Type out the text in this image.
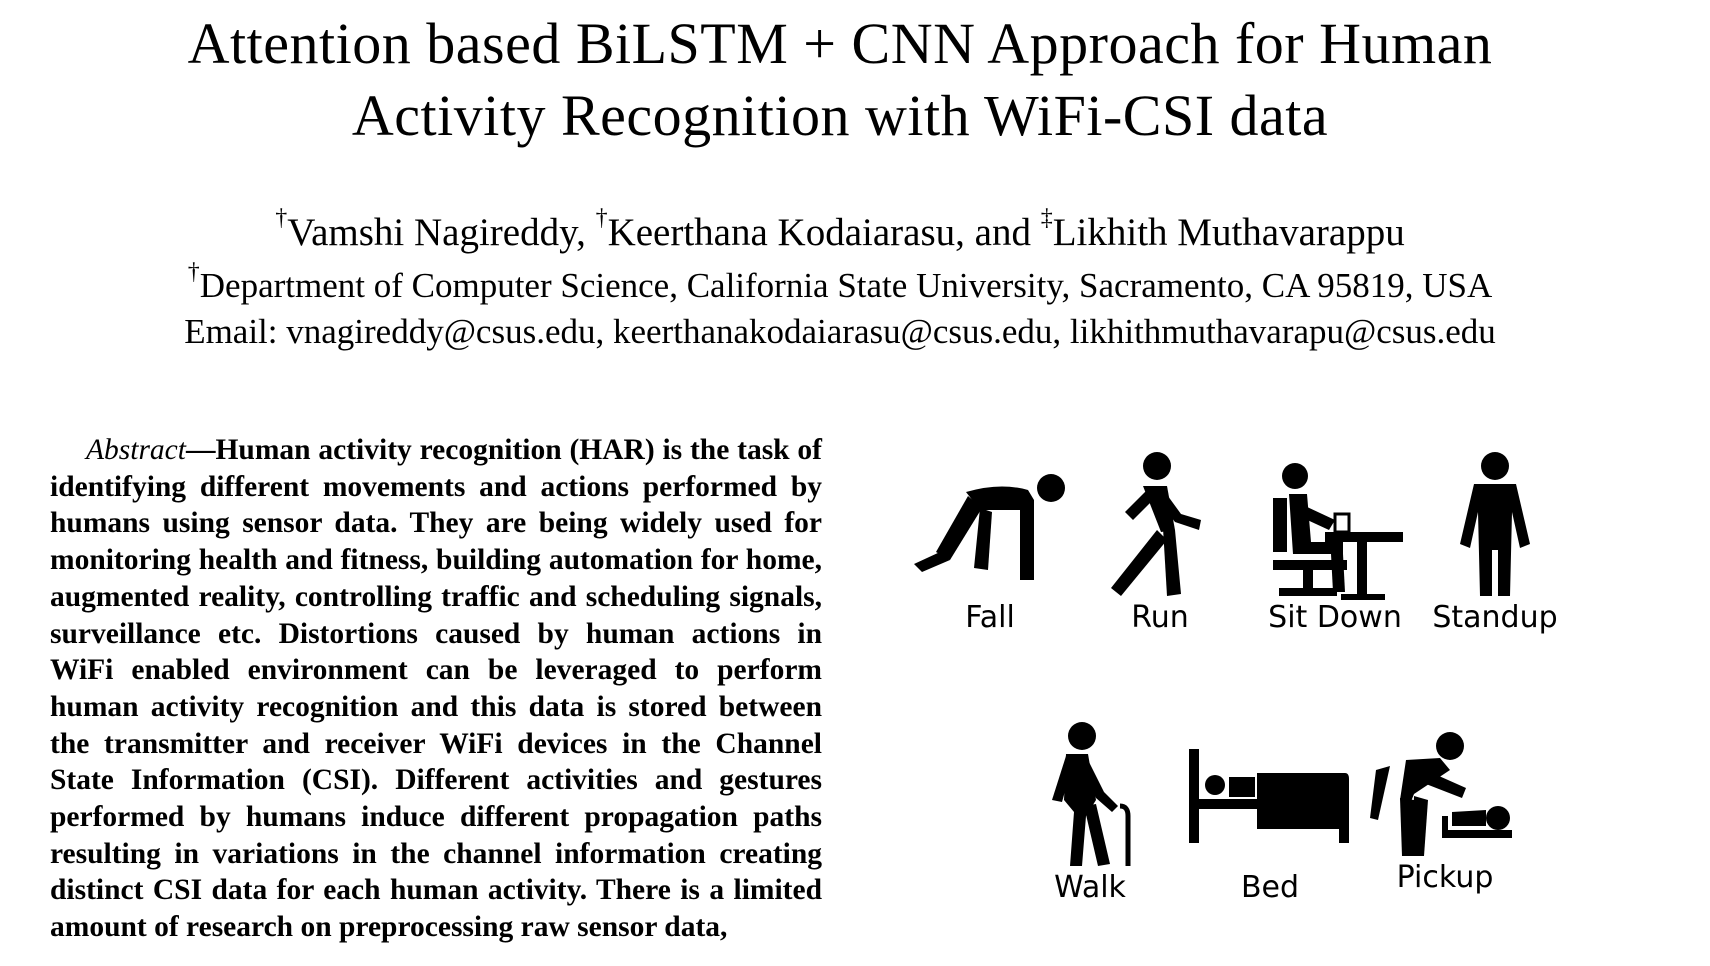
Attention based BiLSTM + CNN Approach for Human
Activity Recognition with WiFi-CSI data
†Vamshi Nagireddy, †Keerthana Kodaiarasu, and ‡Likhith Muthavarappu
†Department of Computer Science, California State University, Sacramento, CA 95819, USA
Email: vnagireddy@csus.edu, keerthanakodaiarasu@csus.edu, likhithmuthavarapu@csus.edu
Abstract—Human activity recognition (HAR) is the task of identifying different movements and actions performed by humans using sensor data. They are being widely used for monitoring health and fitness, building automation for home, augmented reality, controlling traffic and scheduling signals, surveillance etc. Distortions caused by human actions in WiFi enabled environment can be leveraged to perform human activity recognition and this data is stored between the transmitter and receiver WiFi devices in the Channel State Information (CSI). Different activities and gestures performed by humans induce different propagation paths resulting in variations in the channel information creating distinct CSI data for each human activity. There is a limited amount of research on preprocessing raw sensor data,
Fall	Run	Sit Down	Standup
Walk	Bed	Pickup
